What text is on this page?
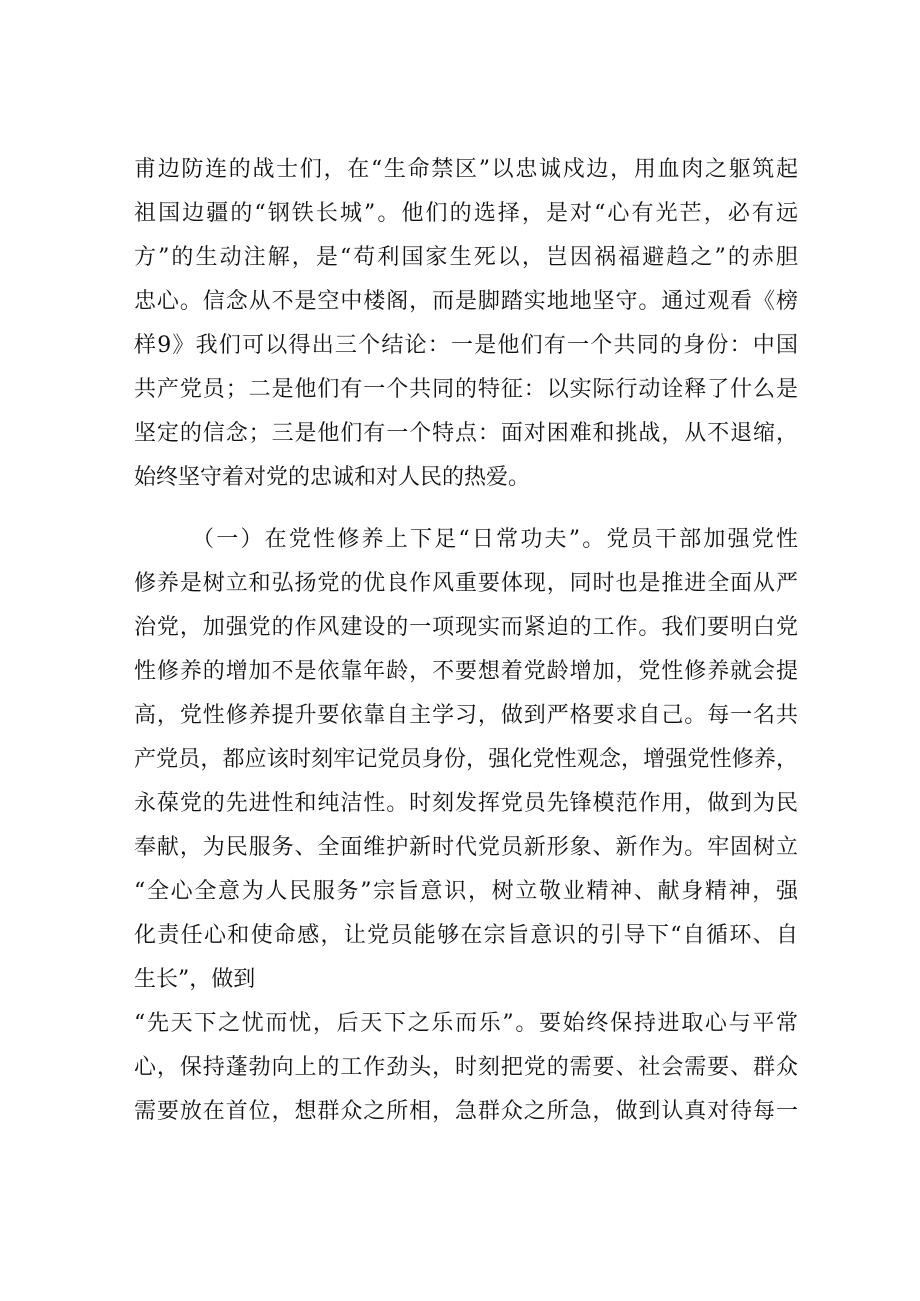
甫边防连的战士们，在“生命禁区”以忠诚戍边，用血肉之躯筑起
祖国边疆的“钢铁长城”。他们的选择，是对“心有光芒，必有远
方”的生动注解，是“苟利国家生死以，岂因祸福避趋之”的赤胆
忠心。信念从不是空中楼阁，而是脚踏实地地坚守。通过观看《榜
样9》我们可以得出三个结论：一是他们有一个共同的身份：中国
共产党员；二是他们有一个共同的特征：以实际行动诠释了什么是
坚定的信念；三是他们有一个特点：面对困难和挑战，从不退缩，
始终坚守着对党的忠诚和对人民的热爱。
（一）在党性修养上下足“日常功夫”。党员干部加强党性
修养是树立和弘扬党的优良作风重要体现，同时也是推进全面从严
治党，加强党的作风建设的一项现实而紧迫的工作。我们要明白党
性修养的增加不是依靠年龄，不要想着党龄增加，党性修养就会提
高，党性修养提升要依靠自主学习，做到严格要求自己。每一名共
产党员，都应该时刻牢记党员身份，强化党性观念，增强党性修养，
永葆党的先进性和纯洁性。时刻发挥党员先锋模范作用，做到为民
奉献，为民服务、全面维护新时代党员新形象、新作为。牢固树立
“全心全意为人民服务”宗旨意识，树立敬业精神、献身精神，强
化责任心和使命感，让党员能够在宗旨意识的引导下“自循环、自
生长”，做到
“先天下之忧而忧，后天下之乐而乐”。要始终保持进取心与平常
心，保持蓬勃向上的工作劲头，时刻把党的需要、社会需要、群众
需要放在首位，想群众之所相，急群众之所急，做到认真对待每一
